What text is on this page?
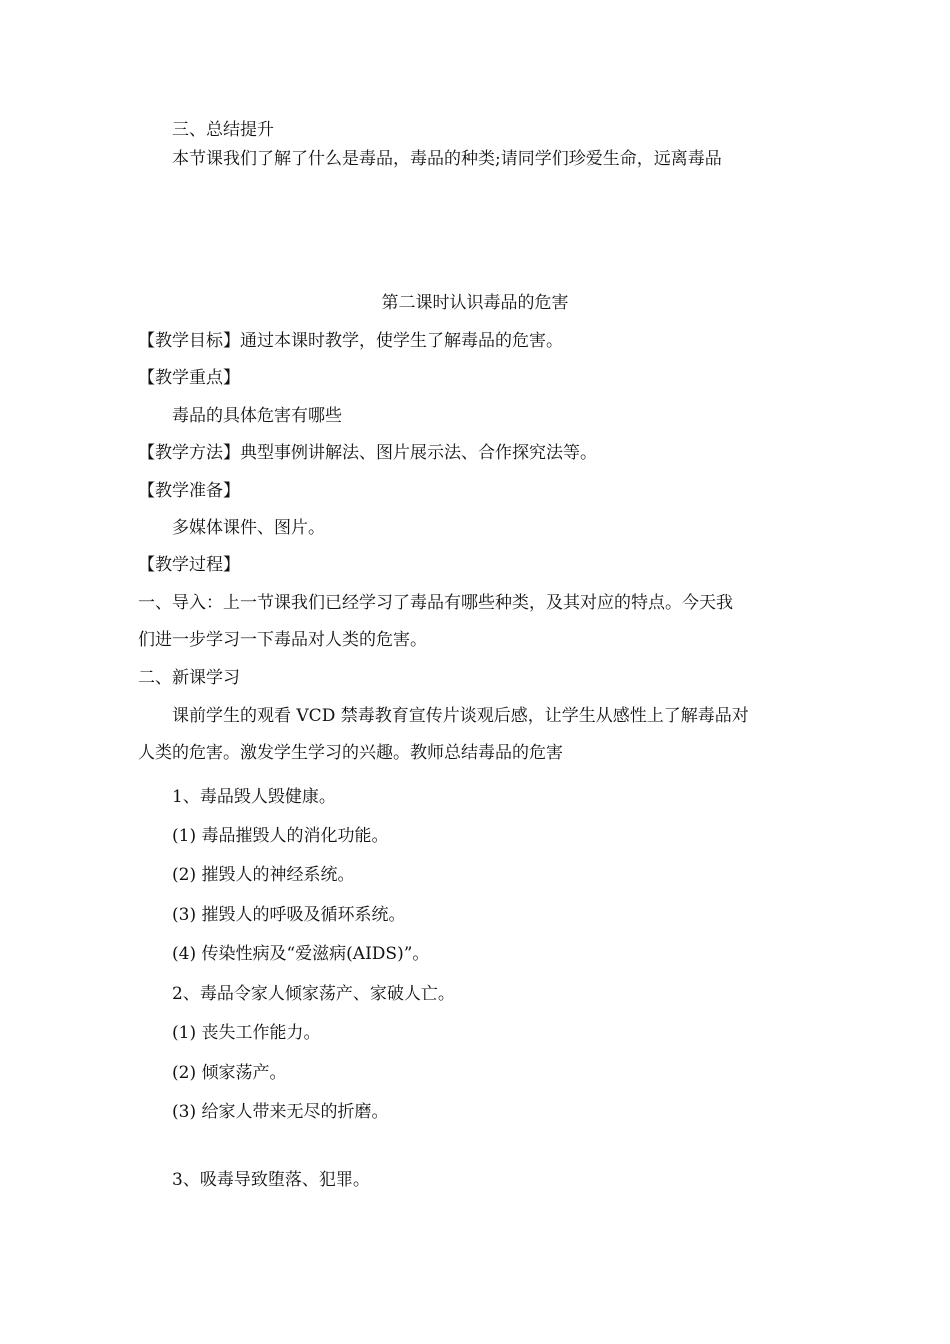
三、总结提升
本节课我们了解了什么是毒品，毒品的种类;请同学们珍爱生命，远离毒品
第二课时认识毒品的危害
【教学目标】通过本课时教学，使学生了解毒品的危害。
【教学重点】
毒品的具体危害有哪些
【教学方法】典型事例讲解法、图片展示法、合作探究法等。
【教学准备】
多媒体课件、图片。
【教学过程】
一、导入：上一节课我们已经学习了毒品有哪些种类，及其对应的特点。今天我
们进一步学习一下毒品对人类的危害。
二、新课学习
课前学生的观看 VCD 禁毒教育宣传片谈观后感，让学生从感性上了解毒品对
人类的危害。激发学生学习的兴趣。教师总结毒品的危害
1、毒品毁人毁健康。
(1) 毒品摧毁人的消化功能。
(2) 摧毁人的神经系统。
(3) 摧毁人的呼吸及循环系统。
(4) 传染性病及“爱滋病(AIDS)”。
2、毒品令家人倾家荡产、家破人亡。
(1) 丧失工作能力。
(2) 倾家荡产。
(3) 给家人带来无尽的折磨。
3、吸毒导致堕落、犯罪。
